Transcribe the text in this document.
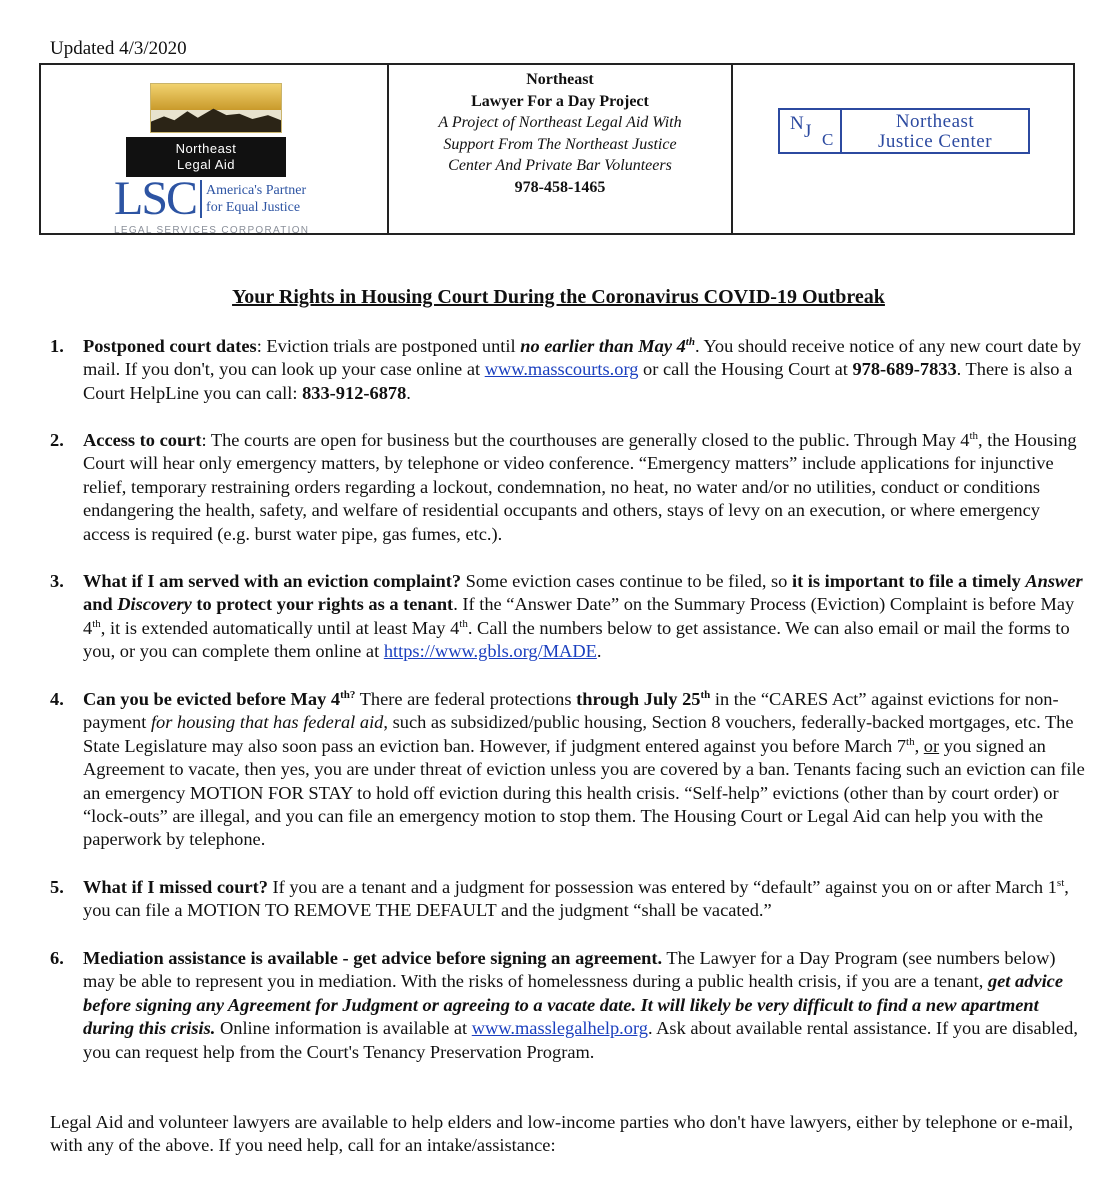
Updated 4/3/2020
Northeast
Legal Aid
LSC America's Partner
for Equal Justice
LEGAL SERVICES CORPORATION
Northeast
Lawyer For a Day Project
A Project of Northeast Legal Aid With
Support From The Northeast Justice
Center And Private Bar Volunteers
978-458-1465
N J C
Northeast
Justice Center
Your Rights in Housing Court During the Coronavirus COVID-19 Outbreak
1. Postponed court dates: Eviction trials are postponed until no earlier than May 4th. You should receive notice of any new court date by mail. If you don't, you can look up your case online at www.masscourts.org or call the Housing Court at 978-689-7833. There is also a Court HelpLine you can call: 833-912-6878.
2. Access to court: The courts are open for business but the courthouses are generally closed to the public. Through May 4th, the Housing Court will hear only emergency matters, by telephone or video conference. “Emergency matters” include applications for injunctive relief, temporary restraining orders regarding a lockout, condemnation, no heat, no water and/or no utilities, conduct or conditions endangering the health, safety, and welfare of residential occupants and others, stays of levy on an execution, or where emergency access is required (e.g. burst water pipe, gas fumes, etc.).
3. What if I am served with an eviction complaint? Some eviction cases continue to be filed, so it is important to file a timely Answer and Discovery to protect your rights as a tenant. If the “Answer Date” on the Summary Process (Eviction) Complaint is before May 4th, it is extended automatically until at least May 4th. Call the numbers below to get assistance. We can also email or mail the forms to you, or you can complete them online at https://www.gbls.org/MADE.
4. Can you be evicted before May $4^{th?}$ There are federal protections through July 25th in the “CARES Act” against evictions for non-payment for housing that has federal aid, such as subsidized/public housing, Section 8 vouchers, federally-backed mortgages, etc. The State Legislature may also soon pass an eviction ban. However, if judgment entered against you before March 7th, or you signed an Agreement to vacate, then yes, you are under threat of eviction unless you are covered by a ban. Tenants facing such an eviction can file an emergency MOTION FOR STAY to hold off eviction during this health crisis. “Self-help” evictions (other than by court order) or “lock-outs” are illegal, and you can file an emergency motion to stop them. The Housing Court or Legal Aid can help you with the paperwork by telephone.
5. What if I missed court? If you are a tenant and a judgment for possession was entered by “default” against you on or after March 1st, you can file a MOTION TO REMOVE THE DEFAULT and the judgment “shall be vacated.”
6. Mediation assistance is available - get advice before signing an agreement. The Lawyer for a Day Program (see numbers below) may be able to represent you in mediation. With the risks of homelessness during a public health crisis, if you are a tenant, get advice before signing any Agreement for Judgment or agreeing to a vacate date. It will likely be very difficult to find a new apartment during this crisis. Online information is available at www.masslegalhelp.org. Ask about available rental assistance. If you are disabled, you can request help from the Court's Tenancy Preservation Program.
Legal Aid and volunteer lawyers are available to help elders and low-income parties who don't have lawyers, either by telephone or e-mail, with any of the above. If you need help, call for an intake/assistance:
